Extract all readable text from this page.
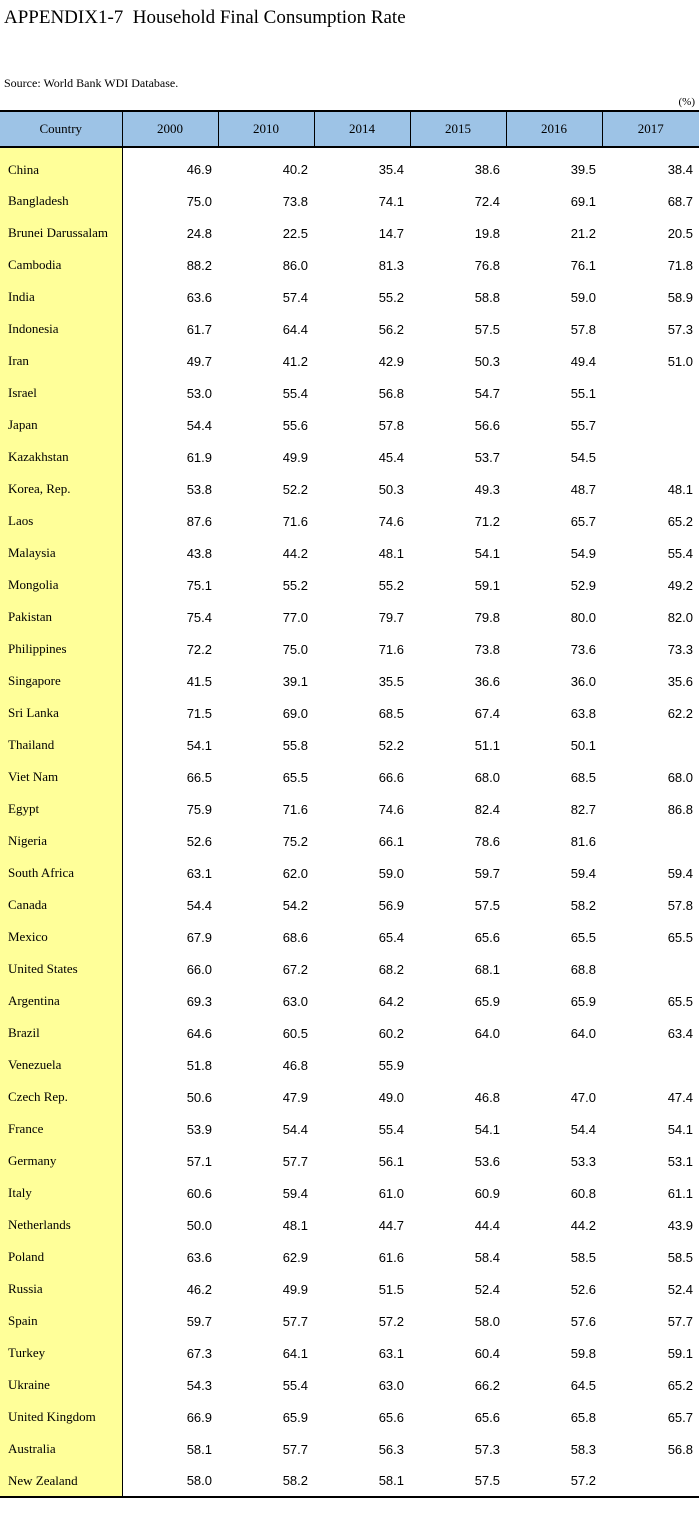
APPENDIX1-7  Household Final Consumption Rate
Source: World Bank WDI Database.
(%)
Country	2000	2010	2014	2015	2016	2017
China	46.9	40.2	35.4	38.6	39.5	38.4
Bangladesh	75.0	73.8	74.1	72.4	69.1	68.7
Brunei Darussalam	24.8	22.5	14.7	19.8	21.2	20.5
Cambodia	88.2	86.0	81.3	76.8	76.1	71.8
India	63.6	57.4	55.2	58.8	59.0	58.9
Indonesia	61.7	64.4	56.2	57.5	57.8	57.3
Iran	49.7	41.2	42.9	50.3	49.4	51.0
Israel	53.0	55.4	56.8	54.7	55.1	
Japan	54.4	55.6	57.8	56.6	55.7	
Kazakhstan	61.9	49.9	45.4	53.7	54.5	
Korea, Rep.	53.8	52.2	50.3	49.3	48.7	48.1
Laos	87.6	71.6	74.6	71.2	65.7	65.2
Malaysia	43.8	44.2	48.1	54.1	54.9	55.4
Mongolia	75.1	55.2	55.2	59.1	52.9	49.2
Pakistan	75.4	77.0	79.7	79.8	80.0	82.0
Philippines	72.2	75.0	71.6	73.8	73.6	73.3
Singapore	41.5	39.1	35.5	36.6	36.0	35.6
Sri Lanka	71.5	69.0	68.5	67.4	63.8	62.2
Thailand	54.1	55.8	52.2	51.1	50.1	
Viet Nam	66.5	65.5	66.6	68.0	68.5	68.0
Egypt	75.9	71.6	74.6	82.4	82.7	86.8
Nigeria	52.6	75.2	66.1	78.6	81.6	
South Africa	63.1	62.0	59.0	59.7	59.4	59.4
Canada	54.4	54.2	56.9	57.5	58.2	57.8
Mexico	67.9	68.6	65.4	65.6	65.5	65.5
United States	66.0	67.2	68.2	68.1	68.8	
Argentina	69.3	63.0	64.2	65.9	65.9	65.5
Brazil	64.6	60.5	60.2	64.0	64.0	63.4
Venezuela	51.8	46.8	55.9			
Czech Rep.	50.6	47.9	49.0	46.8	47.0	47.4
France	53.9	54.4	55.4	54.1	54.4	54.1
Germany	57.1	57.7	56.1	53.6	53.3	53.1
Italy	60.6	59.4	61.0	60.9	60.8	61.1
Netherlands	50.0	48.1	44.7	44.4	44.2	43.9
Poland	63.6	62.9	61.6	58.4	58.5	58.5
Russia	46.2	49.9	51.5	52.4	52.6	52.4
Spain	59.7	57.7	57.2	58.0	57.6	57.7
Turkey	67.3	64.1	63.1	60.4	59.8	59.1
Ukraine	54.3	55.4	63.0	66.2	64.5	65.2
United Kingdom	66.9	65.9	65.6	65.6	65.8	65.7
Australia	58.1	57.7	56.3	57.3	58.3	56.8
New Zealand	58.0	58.2	58.1	57.5	57.2	
